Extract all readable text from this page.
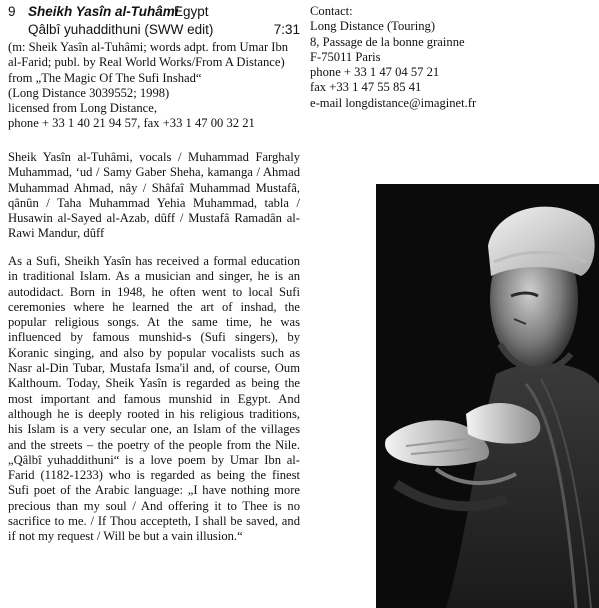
9 Sheikh Yasîn al-Tuhâmi
Egypt
Qâlbî yuhaddithuni (SWW edit)	7:31

(m: Sheik Yasîn al-Tuhâmi; words adpt. from Umar Ibn al-Farid; publ. by Real World Works/From A Distance)

from „The Magic Of The Sufi Inshad“

(Long Distance 3039552; 1998)

licensed from Long Distance,

phone + 33 1 40 21 94 57, fax +33 1 47 00 32 21

Sheik Yasîn al-Tuhâmi, vocals / Muhammad Farghaly Muhammad, ‘ud / Samy Gaber Sheha, kamanga / Ahmad Muhammad Ahmad, nây / Shâfaî Muhammad Mustafâ, qânûn / Taha Muhammad Yehia Muhammad, tabla / Husawin al-Sayed al-Azab, dûff / Mustafâ Ramadân al-Rawi Mandur, dûff

As a Sufi, Sheikh Yasîn has received a formal education in traditional Islam. As a musician and singer, he is an autodidact. Born in 1948, he often went to local Sufi ceremonies where he learned the art of inshad, the popular religious songs. At the same time, he was influenced by famous munshid-s (Sufi singers), by Koranic singing, and also by popular vocalists such as Nasr al-Din Tubar, Mustafa Isma'il and, of course, Oum Kalthoum. Today, Sheik Yasîn is regarded as being the most important and famous munshid in Egypt. And although he is deeply rooted in his religious traditions, his Islam is a very secular one, an Islam of the villages and the streets – the poetry of the people from the Nile. „Qâlbî yuhaddithuni“ is a love poem by Umar Ibn al-Farid (1182-1233) who is regarded as being the finest Sufi poet of the Arabic language: „I have nothing more precious than my soul / And offering it to Thee is no sacrifice to me. / If Thou accepteth, I shall be saved, and if not my request / Will be but a vain illusion.“

Contact:
Long Distance (Touring)
8, Passage de la bonne grainne
F-75011 Paris
phone + 33 1 47 04 57 21
fax +33 1 47 55 85 41
e-mail longdistance@imaginet.fr
